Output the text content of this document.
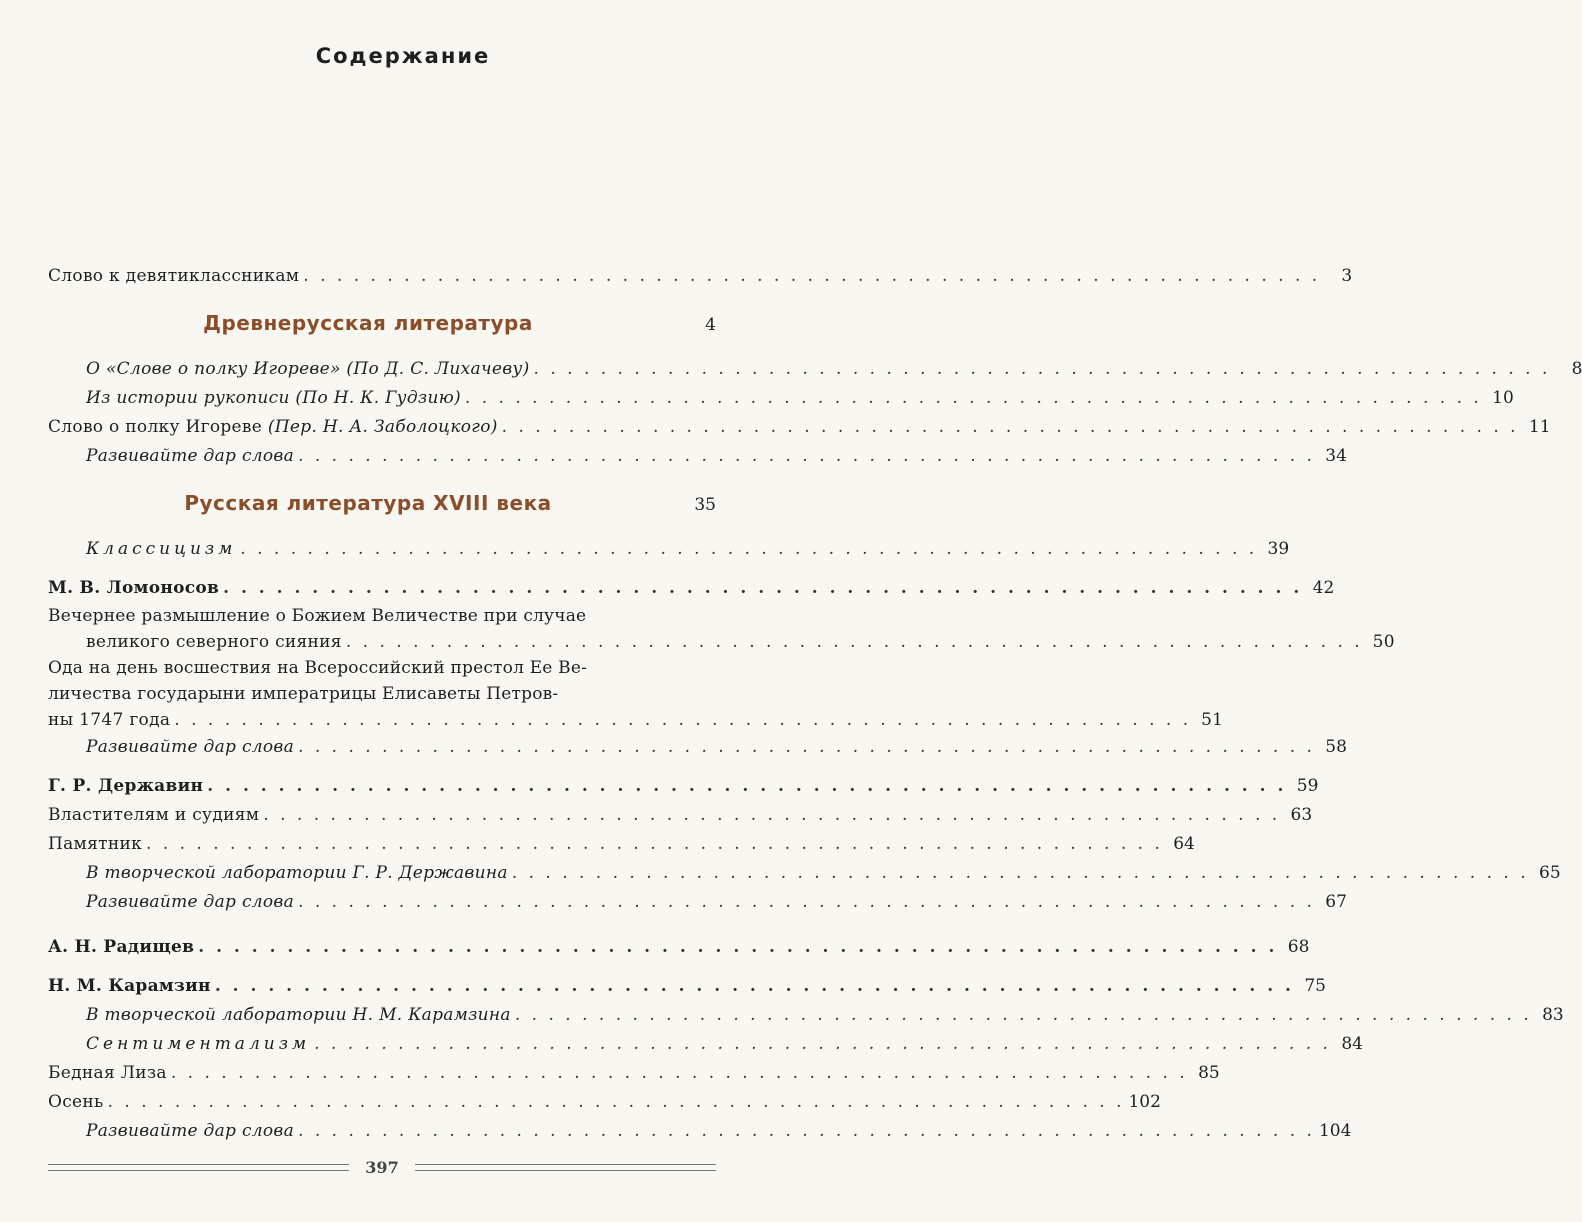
Содержание
Слово к девятиклассникам . . .	3
Древнерусская литература	4
О «Слове о полку Игореве» (По Д. С. Лихачеву) . . .	8
Из истории рукописи (По Н. К. Гудзию) . . .	10
Слово о полку Игореве (Пер. Н. А. Заболоцкого) . . .	11
Развивайте дар слова . . .	34
Русская литература XVIII века	35
Классицизм . . .	39
М. В. Ломоносов . . .	42
Вечернее размышление о Божием Величестве при случае
великого северного сияния . . .	50
Ода на день восшествия на Всероссийский престол Ее Ве-
личества государыни императрицы Елисаветы Петров-
ны 1747 года . . .	51
Развивайте дар слова . . .	58
Г. Р. Державин . . .	59
Властителям и судиям . . .	63
Памятник . . .	64
В творческой лаборатории Г. Р. Державина . . .	65
Развивайте дар слова . . .	67
А. Н. Радищев . . .	68
Н. М. Карамзин . . .	75
В творческой лаборатории Н. М. Карамзина . . .	83
Сентиментализм . . .	84
Бедная Лиза . . .	85
Осень . . .	102
Развивайте дар слова . . .	104
397
